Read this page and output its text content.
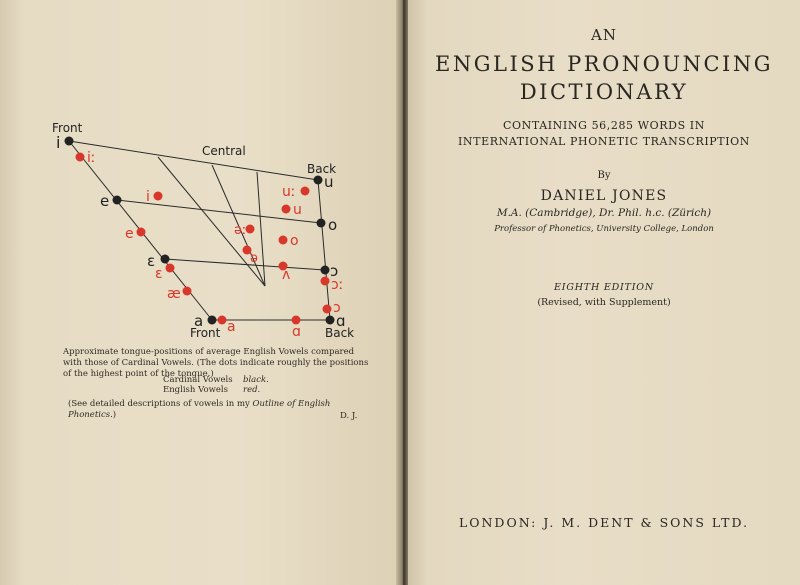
i
e
ɛ
a
u
o
ɔ
ɑ
iː
i
e
ɛ
æ
a
uː
u
əː
o
ə
ʌ
ɔː
ɔ
ɑ
Front
Central
Back
Front	Back

Approximate tongue-positions of average English Vowels compared with those of Cardinal Vowels. (The dots indicate roughly the positions of the highest point of the tongue.)

Cardinal Vowels black.
English Vowels red.

(See detailed descriptions of vowels in my Outline of English Phonetics.)	D. J.

AN

ENGLISH PRONOUNCING
DICTIONARY

CONTAINING 56,285 WORDS IN
INTERNATIONAL PHONETIC TRANSCRIPTION

By

DANIEL JONES

M.A. (Cambridge), Dr. Phil. h.c. (Zürich)

Professor of Phonetics, University College, London

EIGHTH EDITION

(Revised, with Supplement)

LONDON: J. M. DENT & SONS LTD.
